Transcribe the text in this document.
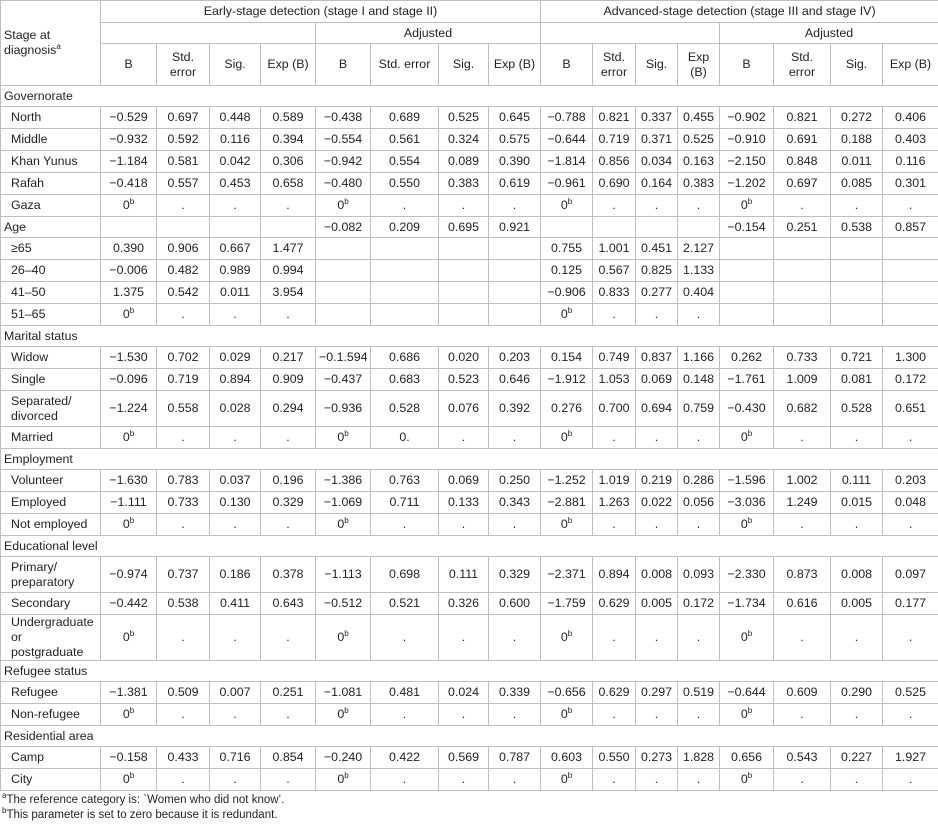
Stage at diagnosis$^a$	Early-stage detection (stage I and stage II)								Advanced-stage detection (stage III and stage IV)							
					Adjusted								Adjusted			
	B	Std. error	Sig.	Exp (B)	B	Std. error	Sig.	Exp (B)	B	Std. error	Sig.	Exp (B)	B	Std. error	Sig.	Exp (B)
Governorate																
North	−0.529	0.697	0.448	0.589	−0.438	0.689	0.525	0.645	−0.788	0.821	0.337	0.455	−0.902	0.821	0.272	0.406
Middle	−0.932	0.592	0.116	0.394	−0.554	0.561	0.324	0.575	−0.644	0.719	0.371	0.525	−0.910	0.691	0.188	0.403
Khan Yunus	−1.184	0.581	0.042	0.306	−0.942	0.554	0.089	0.390	−1.814	0.856	0.034	0.163	−2.150	0.848	0.011	0.116
Rafah	−0.418	0.557	0.453	0.658	−0.480	0.550	0.383	0.619	−0.961	0.690	0.164	0.383	−1.202	0.697	0.085	0.301
Gaza	0$^b$	.	.	.	0$^b$	.	.	.	0$^b$	.	.	.	0$^b$	.	.	.
Age					−0.082	0.209	0.695	0.921					−0.154	0.251	0.538	0.857
≥65	0.390	0.906	0.667	1.477					0.755	1.001	0.451	2.127				
26–40	−0.006	0.482	0.989	0.994					0.125	0.567	0.825	1.133				
41–50	1.375	0.542	0.011	3.954					−0.906	0.833	0.277	0.404				
51–65	0$^b$	.	.	.					0$^b$	.	.	.				
Marital status																
Widow	−1.530	0.702	0.029	0.217	−0.1.594	0.686	0.020	0.203	0.154	0.749	0.837	1.166	0.262	0.733	0.721	1.300
Single	−0.096	0.719	0.894	0.909	−0.437	0.683	0.523	0.646	−1.912	1.053	0.069	0.148	−1.761	1.009	0.081	0.172
Separated/ divorced	−1.224	0.558	0.028	0.294	−0.936	0.528	0.076	0.392	0.276	0.700	0.694	0.759	−0.430	0.682	0.528	0.651
Married	0$^b$	.	.	.	0$^b$	0.	.	.	0$^b$	.	.	.	0$^b$	.	.	.
Employment																
Volunteer	−1.630	0.783	0.037	0.196	−1.386	0.763	0.069	0.250	−1.252	1.019	0.219	0.286	−1.596	1.002	0.111	0.203
Employed	−1.111	0.733	0.130	0.329	−1.069	0.711	0.133	0.343	−2.881	1.263	0.022	0.056	−3.036	1.249	0.015	0.048
Not employed	0$^b$	.	.	.	0$^b$	.	.	.	0$^b$	.	.	.	0$^b$	.	.	.
Educational level																
Primary/ preparatory	−0.974	0.737	0.186	0.378	−1.113	0.698	0.111	0.329	−2.371	0.894	0.008	0.093	−2.330	0.873	0.008	0.097
Secondary	−0.442	0.538	0.411	0.643	−0.512	0.521	0.326	0.600	−1.759	0.629	0.005	0.172	−1.734	0.616	0.005	0.177
Undergraduate or postgraduate	0$^b$	.	.	.	0$^b$	.	.	.	0$^b$	.	.	.	0$^b$	.	.	.
Refugee status																
Refugee	−1.381	0.509	0.007	0.251	−1.081	0.481	0.024	0.339	−0.656	0.629	0.297	0.519	−0.644	0.609	0.290	0.525
Non-refugee	0$^b$	.	.	.	0$^b$	.	.	.	0$^b$	.	.	.	0$^b$	.	.	.
Residential area																
Camp	−0.158	0.433	0.716	0.854	−0.240	0.422	0.569	0.787	0.603	0.550	0.273	1.828	0.656	0.543	0.227	1.927
City	0$^b$	.	.	.	0$^b$	.	.	.	0$^b$	.	.	.	0$^b$	.	.	.
$^a$The reference category is: `Women who did not know’.
$^b$This parameter is set to zero because it is redundant.
